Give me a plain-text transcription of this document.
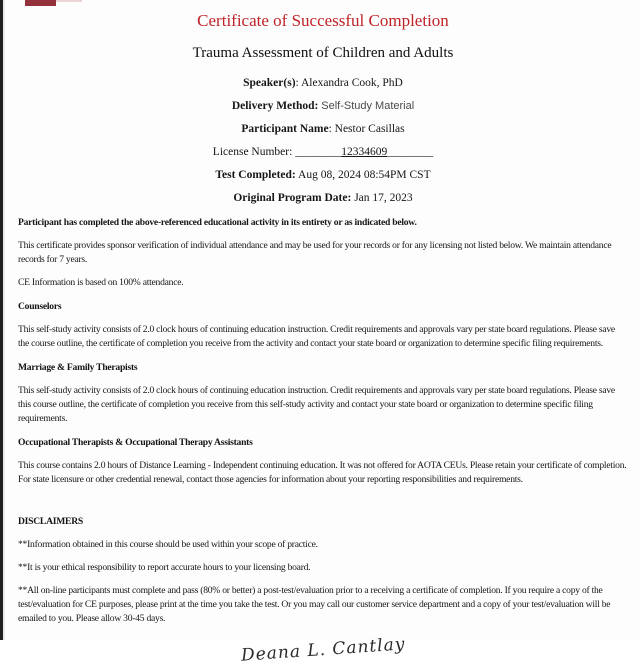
Certificate of Successful Completion
Trauma Assessment of Children and Adults
Speaker(s): Alexandra Cook, PhD
Delivery Method: Self-Study Material
Participant Name: Nestor Casillas
License Number: ________12334609________
Test Completed: Aug 08, 2024 08:54PM CST
Original Program Date: Jan 17, 2023
Participant has completed the above-referenced educational activity in its entirety or as indicated below.
This certificate provides sponsor verification of individual attendance and may be used for your records or for any licensing not listed below. We maintain attendance records for 7 years.
CE Information is based on 100% attendance.
Counselors
This self-study activity consists of 2.0 clock hours of continuing education instruction. Credit requirements and approvals vary per state board regulations. Please save the course outline, the certificate of completion you receive from the activity and contact your state board or organization to determine specific filing requirements.
Marriage & Family Therapists
This self-study activity consists of 2.0 clock hours of continuing education instruction. Credit requirements and approvals vary per state board regulations. Please save this course outline, the certificate of completion you receive from this self-study activity and contact your state board or organization to determine specific filing requirements.
Occupational Therapists & Occupational Therapy Assistants
This course contains 2.0 hours of Distance Learning - Independent continuing education. It was not offered for AOTA CEUs. Please retain your certificate of completion. For state licensure or other credential renewal, contact those agencies for information about your reporting responsibilities and requirements.
DISCLAIMERS
**Information obtained in this course should be used within your scope of practice.
**It is your ethical responsibility to report accurate hours to your licensing board.
**All on-line participants must complete and pass (80% or better) a post-test/evaluation prior to a receiving a certificate of completion. If you require a copy of the test/evaluation for CE purposes, please print at the time you take the test. Or you may call our customer service department and a copy of your test/evaluation will be emailed to you. Please allow 30-45 days.
Deana L. Cantlay
